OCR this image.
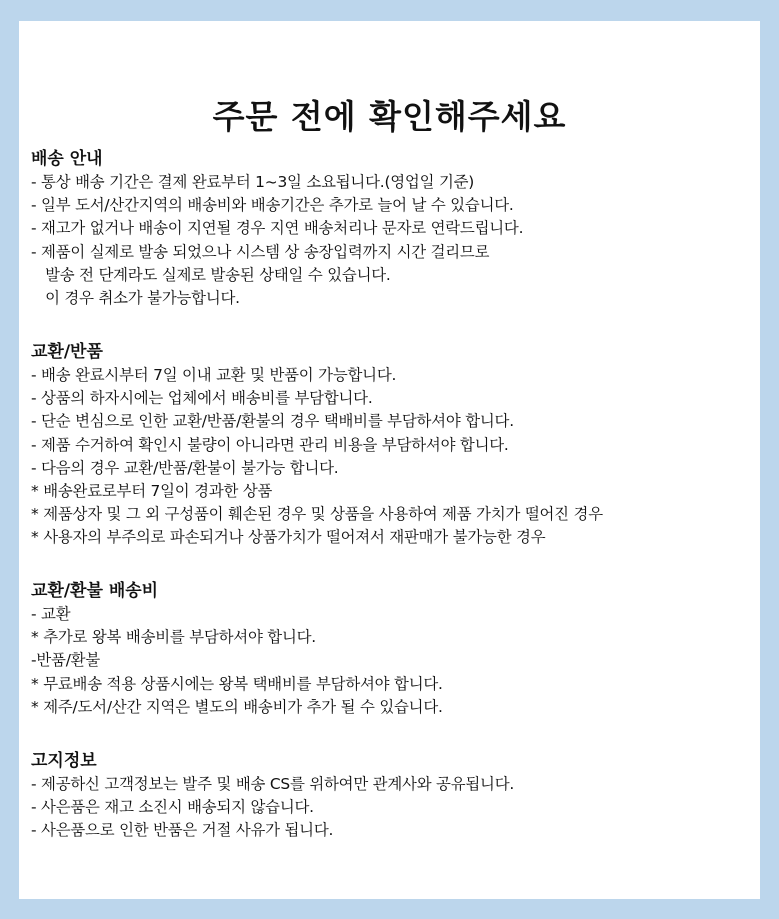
주문 전에 확인해주세요
배송 안내
- 통상 배송 기간은 결제 완료부터 1~3일 소요됩니다.(영업일 기준)
- 일부 도서/산간지역의 배송비와 배송기간은 추가로 늘어 날 수 있습니다.
- 재고가 없거나 배송이 지연될 경우 지연 배송처리나 문자로 연락드립니다.
- 제품이 실제로 발송 되었으나 시스템 상 송장입력까지 시간 걸리므로
발송 전 단계라도 실제로 발송된 상태일 수 있습니다.
이 경우 취소가 불가능합니다.
교환/반품
- 배송 완료시부터 7일 이내 교환 및 반품이 가능합니다.
- 상품의 하자시에는 업체에서 배송비를 부담합니다.
- 단순 변심으로 인한 교환/반품/환불의 경우 택배비를 부담하셔야 합니다.
- 제품 수거하여 확인시 불량이 아니라면 관리 비용을 부담하셔야 합니다.
- 다음의 경우 교환/반품/환불이 불가능 합니다.
* 배송완료로부터 7일이 경과한 상품
* 제품상자 및 그 외 구성품이 훼손된 경우 및 상품을 사용하여 제품 가치가 떨어진 경우
* 사용자의 부주의로 파손되거나 상품가치가 떨어져서 재판매가 불가능한 경우
교환/환불 배송비
- 교환
* 추가로 왕복 배송비를 부담하셔야 합니다.
-반품/환불
* 무료배송 적용 상품시에는 왕복 택배비를 부담하셔야 합니다.
* 제주/도서/산간 지역은 별도의 배송비가 추가 될 수 있습니다.
고지정보
- 제공하신 고객정보는 발주 및 배송 CS를 위하여만 관계사와 공유됩니다.
- 사은품은 재고 소진시 배송되지 않습니다.
- 사은품으로 인한 반품은 거절 사유가 됩니다.
